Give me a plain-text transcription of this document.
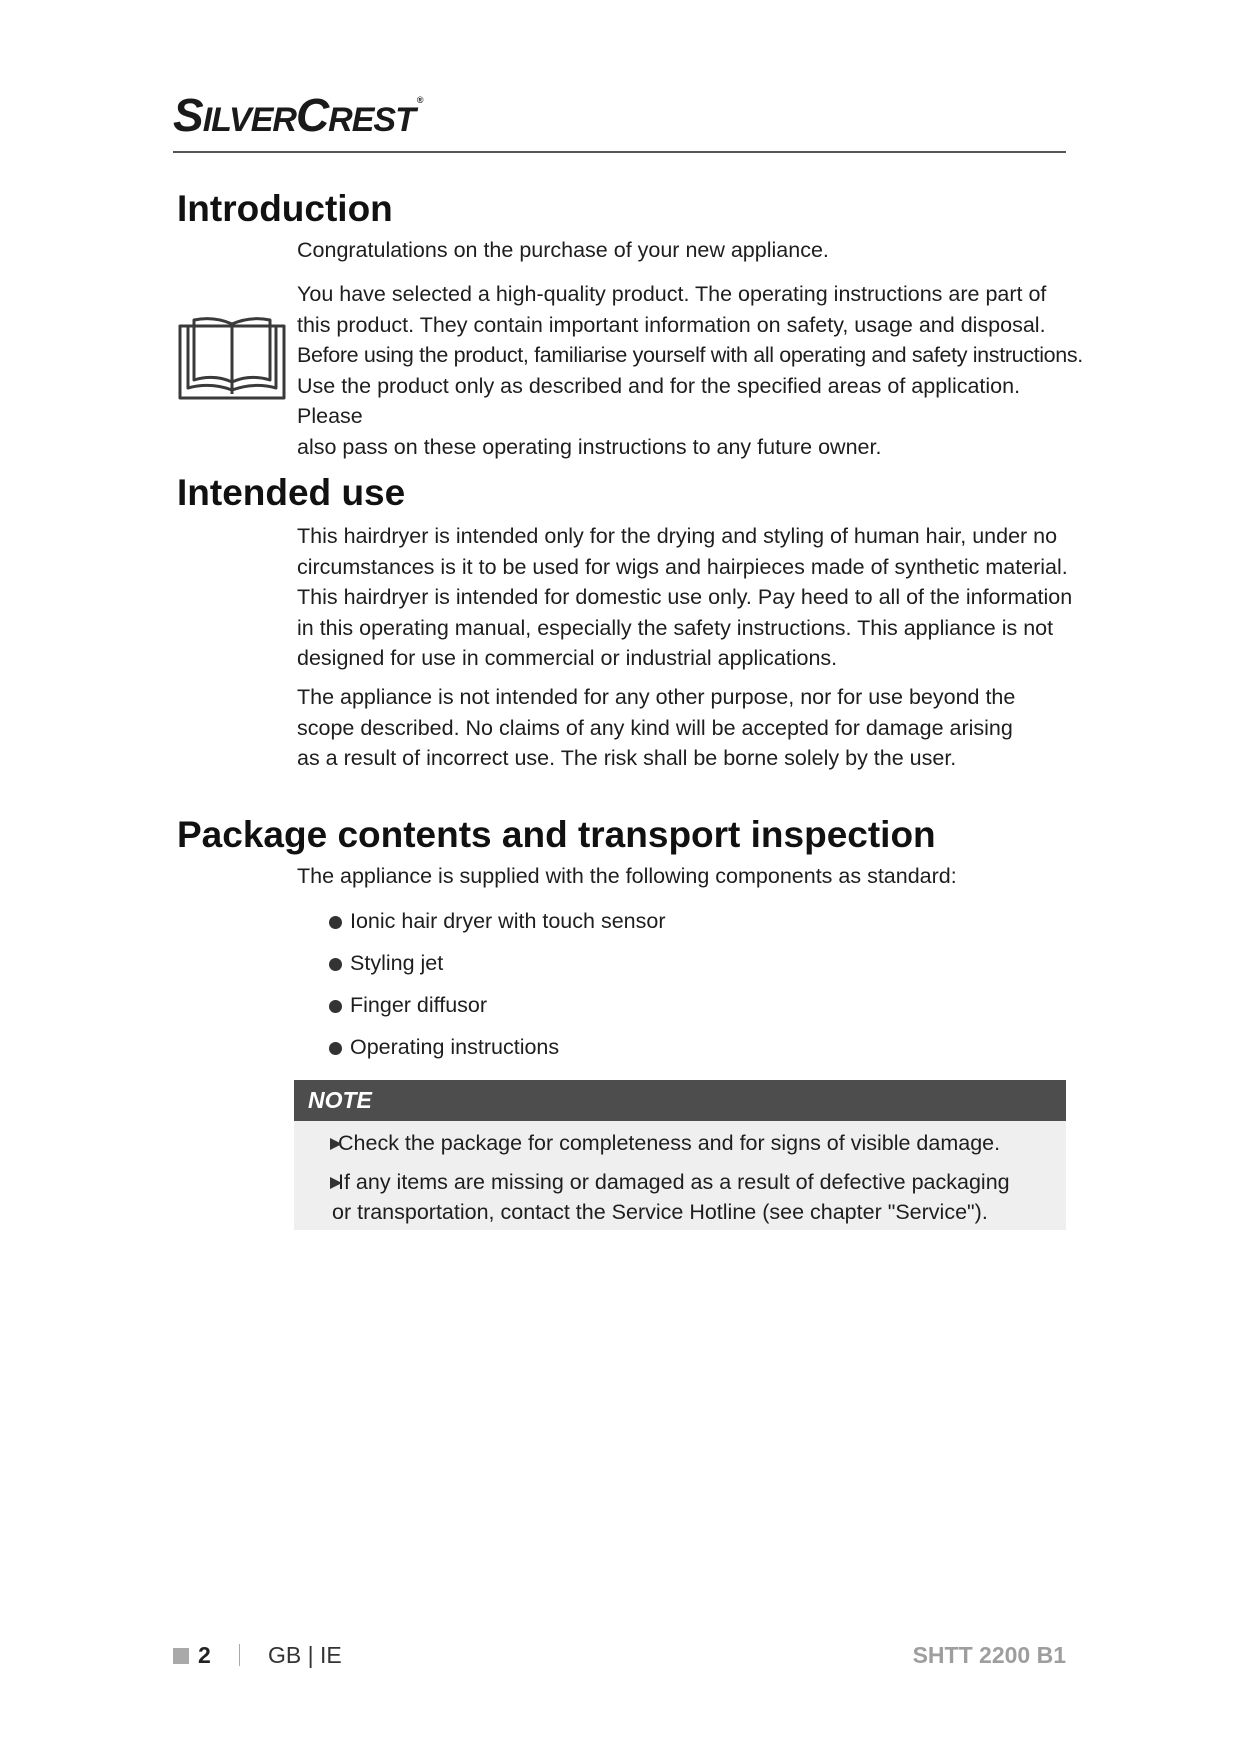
SILVERCREST®
Introduction
Congratulations on the purchase of your new appliance.
You have selected a high-quality product. The operating instructions are part of
this product. They contain important information on safety, usage and disposal.
Before using the product, familiarise yourself with all operating and safety instructions.
Use the product only as described and for the specified areas of application. Please
also pass on these operating instructions to any future owner.
Intended use
This hairdryer is intended only for the drying and styling of human hair, under no
circumstances is it to be used for wigs and hairpieces made of synthetic material.
This hairdryer is intended for domestic use only. Pay heed to all of the information
in this operating manual, especially the safety instructions. This appliance is not
designed for use in commercial or industrial applications.
The appliance is not intended for any other purpose, nor for use beyond the
scope described. No claims of any kind will be accepted for damage arising
as a result of incorrect use. The risk shall be borne solely by the user.
Package contents and transport inspection
The appliance is supplied with the following components as standard:
Ionic hair dryer with touch sensor
Styling jet
Finger diffusor
Operating instructions
NOTE
Check the package for completeness and for signs of visible damage.
If any items are missing or damaged as a result of defective packaging
or transportation, contact the Service Hotline (see chapter "Service").
2 GB | IE	SHTT 2200 B1
